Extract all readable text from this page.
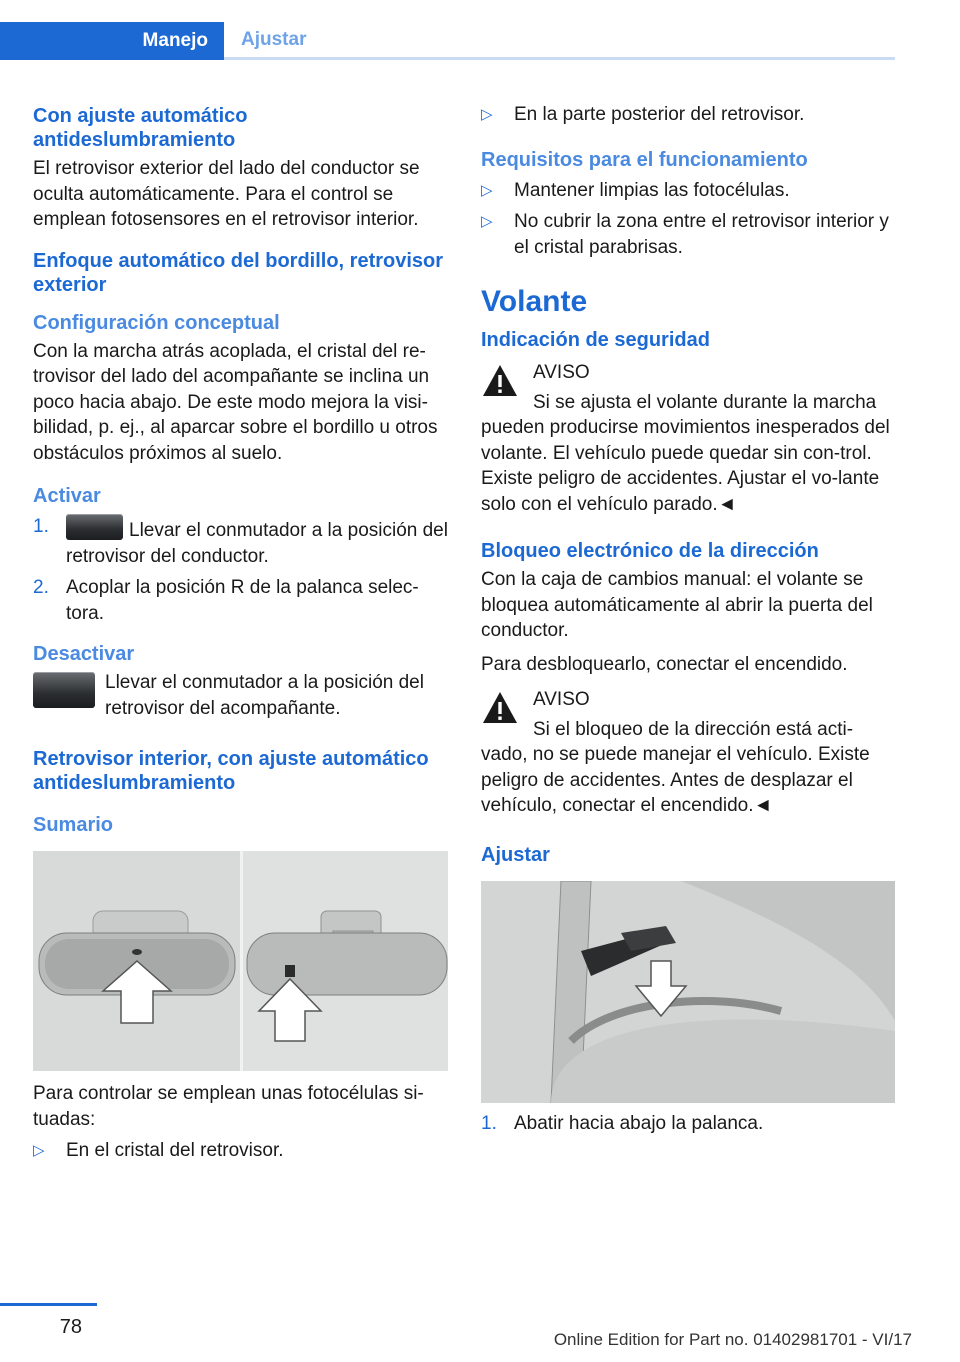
Manejo	Ajustar
Con ajuste automático antideslumbramiento

El retrovisor exterior del lado del conductor se oculta automáticamente. Para el control se emplean fotosensores en el retrovisor interior.

Enfoque automático del bordillo, retrovisor exterior
Configuración conceptual

Con la marcha atrás acoplada, el cristal del re-trovisor del lado del acompañante se inclina un poco hacia abajo. De este modo mejora la visi-bilidad, p. ej., al aparcar sobre el bordillo u otros obstáculos próximos al suelo.

Activar
1.	Llevar el conmutador a la posición del retrovisor del conductor.
2. Acoplar la posición R de la palanca selec-tora.
Desactivar

Llevar el conmutador a la posición del retrovisor del acompañante.

Retrovisor interior, con ajuste automático antideslumbramiento
Sumario

Para controlar se emplean unas fotocélulas si-tuadas:

▷ En el cristal del retrovisor.
▷ En la parte posterior del retrovisor.
Requisitos para el funcionamiento
▷ Mantener limpias las fotocélulas.
▷ No cubrir la zona entre el retrovisor interior y el cristal parabrisas.
Volante
Indicación de seguridad
AVISO

Si se ajusta el volante durante la marcha pueden producirse movimientos inesperados del volante. El vehículo puede quedar sin con-trol. Existe peligro de accidentes. Ajustar el vo-lante solo con el vehículo parado.◄

Bloqueo electrónico de la dirección

Con la caja de cambios manual: el volante se bloquea automáticamente al abrir la puerta del conductor.

Para desbloquearlo, conectar el encendido.

AVISO

Si el bloqueo de la dirección está acti-vado, no se puede manejar el vehículo. Existe peligro de accidentes. Antes de desplazar el vehículo, conectar el encendido.◄

Ajustar
1. Abatir hacia abajo la palanca.
78
Online Edition for Part no. 01402981701 - VI/17
